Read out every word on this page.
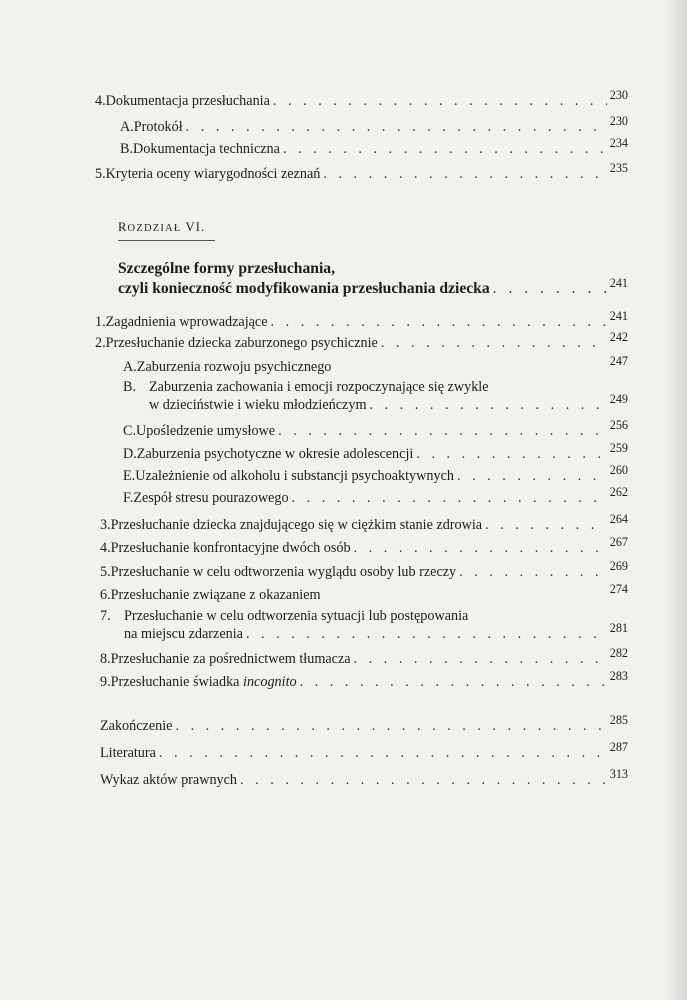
4. Dokumentacja przesłuchania . . .	230
A. Protokół . . .	230
B. Dokumentacja techniczna . . .	234
5. Kryteria oceny wiarygodności zeznań . . .	235
ROZDZIAŁ VI.
Szczególne formy przesłuchania,
czyli konieczność modyfikowania przesłuchania dziecka . . .	241
1. Zagadnienia wprowadzające . . .	241
2. Przesłuchanie dziecka zaburzonego psychicznie . . .	242
A. Zaburzenia rozwoju psychicznego	247
B. Zaburzenia zachowania i emocji rozpoczynające się zwykle
w dzieciństwie i wieku młodzieńczym . . .	249
C. Upośledzenie umysłowe . . .	256
D. Zaburzenia psychotyczne w okresie adolescencji . . .	259
E. Uzależnienie od alkoholu i substancji psychoaktywnych . . .	260
F. Zespół stresu pourazowego . . .	262
3. Przesłuchanie dziecka znajdującego się w ciężkim stanie zdrowia . . .	264
4. Przesłuchanie konfrontacyjne dwóch osób . . .	267
5. Przesłuchanie w celu odtworzenia wyglądu osoby lub rzeczy . . .	269
6. Przesłuchanie związane z okazaniem	274
7. Przesłuchanie w celu odtworzenia sytuacji lub postępowania
na miejscu zdarzenia . . .	281
8. Przesłuchanie za pośrednictwem tłumacza . . .	282
9. Przesłuchanie świadka incognito . . .	283
Zakończenie . . .	285
Literatura . . .	287
Wykaz aktów prawnych . . .	313
